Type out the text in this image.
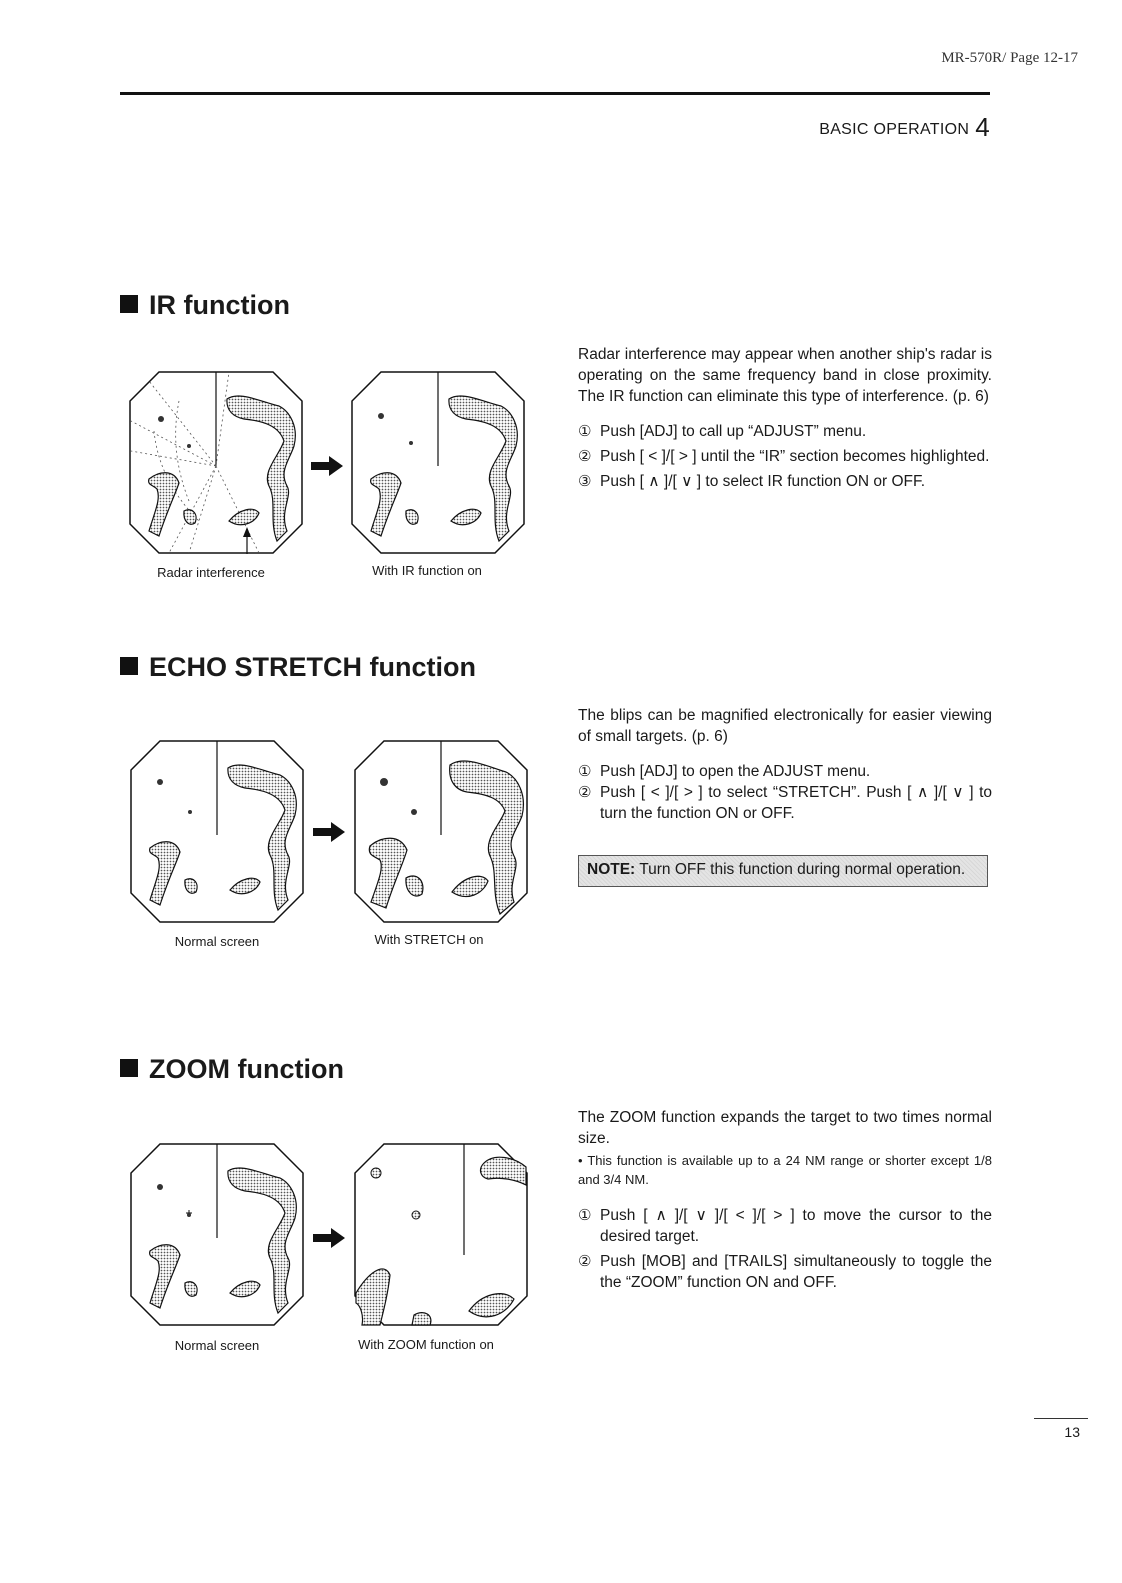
MR-570R/ Page 12-17
BASIC OPERATION 4
IR function
Radar interference	With IR function on
Radar interference may appear when another ship's radar is operating on the same frequency band in close proximity. The IR function can eliminate this type of interference. (p. 6)
① Push [ADJ] to call up “ADJUST” menu.
② Push [ < ]/[ > ] until the “IR” section becomes highlighted.
③ Push [ ∧ ]/[ ∨ ] to select IR function ON or OFF.
ECHO STRETCH function
Normal screen	With STRETCH on
The blips can be magnified electronically for easier viewing of small targets. (p. 6)
① Push [ADJ] to open the ADJUST menu.
② Push [ < ]/[ > ] to select “STRETCH”. Push [ ∧ ]/[ ∨ ] to turn the function ON or OFF.
NOTE: Turn OFF this function during normal operation.
ZOOM function
Normal screen	With ZOOM function on
The ZOOM function expands the target to two times normal size.
• This function is available up to a 24 NM range or shorter except 1/8 and 3/4 NM.
① Push [ ∧ ]/[ ∨ ]/[ < ]/[ > ] to move the cursor to the desired target.
② Push [MOB] and [TRAILS] simultaneously to toggle the the “ZOOM” function ON and OFF.
13
